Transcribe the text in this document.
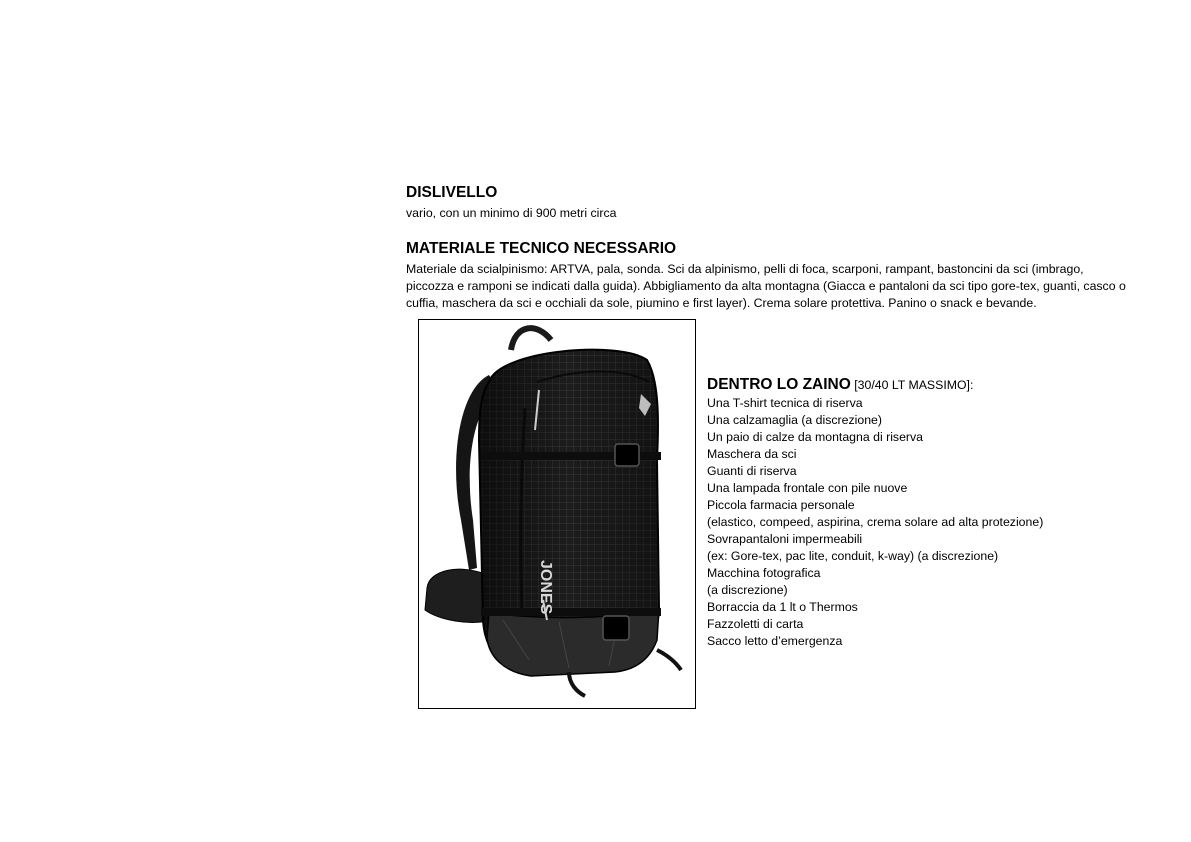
DISLIVELLO

vario, con un minimo di 900 metri circa

MATERIALE TECNICO NECESSARIO

Materiale da scialpinismo: ARTVA, pala, sonda. Sci da alpinismo, pelli di foca, scarponi, rampant, bastoncini da sci (imbrago, piccozza e ramponi se indicati dalla guida). Abbigliamento da alta montagna (Giacca e pantaloni da sci tipo gore-tex, guanti, casco o cuffia, maschera da sci e occhiali da sole, piumino e first layer). Crema solare protettiva. Panino o snack e bevande.

JONES

DENTRO LO ZAINO [30/40 LT MASSIMO]:

Una T-shirt tecnica di riserva
Una calzamaglia (a discrezione)
Un paio di calze da montagna di riserva
Maschera da sci
Guanti di riserva
Una lampada frontale con pile nuove
Piccola farmacia personale
(elastico, compeed, aspirina, crema solare ad alta protezione)
Sovrapantaloni impermeabili
(ex: Gore-tex, pac lite, conduit, k-way) (a discrezione)
Macchina fotografica
(a discrezione)
Borraccia da 1 lt o Thermos
Fazzoletti di carta
Sacco letto d’emergenza
